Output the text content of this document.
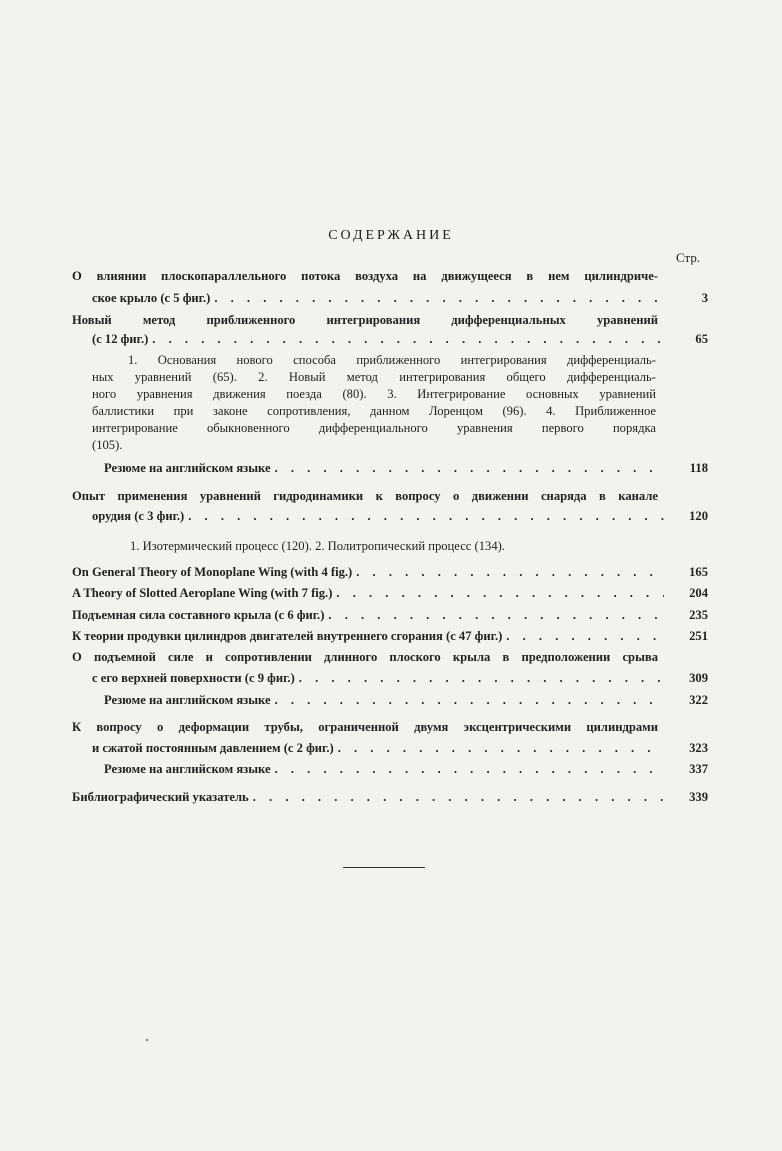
СОДЕРЖАНИЕ
Стр.
О влиянии плоскопараллельного потока воздуха на движущееся в нем цилиндриче-
ское крыло (с 5 фиг.) . . .	3
Новый метод приближенного интегрирования дифференциальных уравнений
(с 12 фиг.) . . .	65
1. Основания нового способа приближенного интегрирования дифференциаль-
ных уравнений (65). 2. Новый метод интегрирования общего дифференциаль-
ного уравнения движения поезда (80). 3. Интегрирование основных уравнений
баллистики при законе сопротивления, данном Лоренцом (96). 4. Приближенное
интегрирование обыкновенного дифференциального уравнения первого порядка
(105).
Резюме на английском языке . . .	118
Опыт применения уравнений гидродинамики к вопросу о движении снаряда в канале
орудия (с 3 фиг.) . . .	120
1. Изотермический процесс (120). 2. Политропический процесс (134).
On General Theory of Monoplane Wing (with 4 fig.) . . .	165
A Theory of Slotted Aeroplane Wing (with 7 fig.) . . .	204
Подъемная сила составного крыла (с 6 фиг.) . . .	235
К теории продувки цилиндров двигателей внутреннего сгорания (с 47 фиг.) . . .	251
О подъемной силе и сопротивлении длинного плоского крыла в предположении срыва
с его верхней поверхности (с 9 фиг.) . . .	309
Резюме на английском языке . . .	322
К вопросу о деформации трубы, ограниченной двумя эксцентрическими цилиндрами
и сжатой постоянным давлением (с 2 фиг.) . . .	323
Резюме на английском языке . . .	337
Библиографический указатель . . .	339
